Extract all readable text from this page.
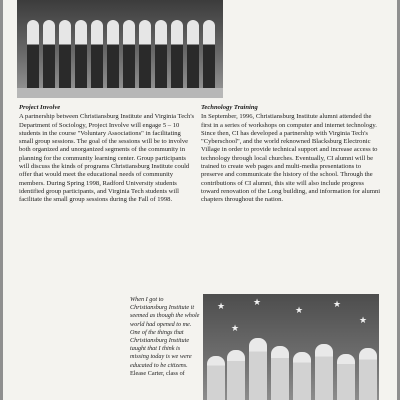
Project Involve

A partnership between Christiansburg Institute and Virginia Tech's Department of Sociology, Project Involve will engage 5 – 10 students in the course "Voluntary Associations" in facilitating small group sessions. The goal of the sessions will be to involve both organized and unorganized segments of the community in planning for the community learning center. Group participants will discuss the kinds of programs Christiansburg Institute could offer that would meet the educational needs of community members. During Spring 1998, Radford University students identified group participants, and Virginia Tech students will facilitate the small group sessions during the Fall of 1998.

Technology Training

In September, 1996, Christiansburg Institute alumni attended the first in a series of workshops on computer and internet technology. Since then, CI has developed a partnership with Virginia Tech's "Cyberschool", and the world reknowned Blacksburg Electronic Village in order to provide technical support and increase access to technology through local churches. Eventually, CI alumni will be trained to create web pages and multi-media presentations to preserve and communicate the history of the school. Through the contributions of CI alumni, this site will also include progress toward renovation of the Long building, and information for alumni chapters throughout the nation.

When I got to Christiansburg Institute it seemed as though the whole world had opened to me. One of the things that Christiansburg Institute taught that I think is missing today is we were educated to be citizens.
Elease Carter, class of
★	★
★
★
★
★
